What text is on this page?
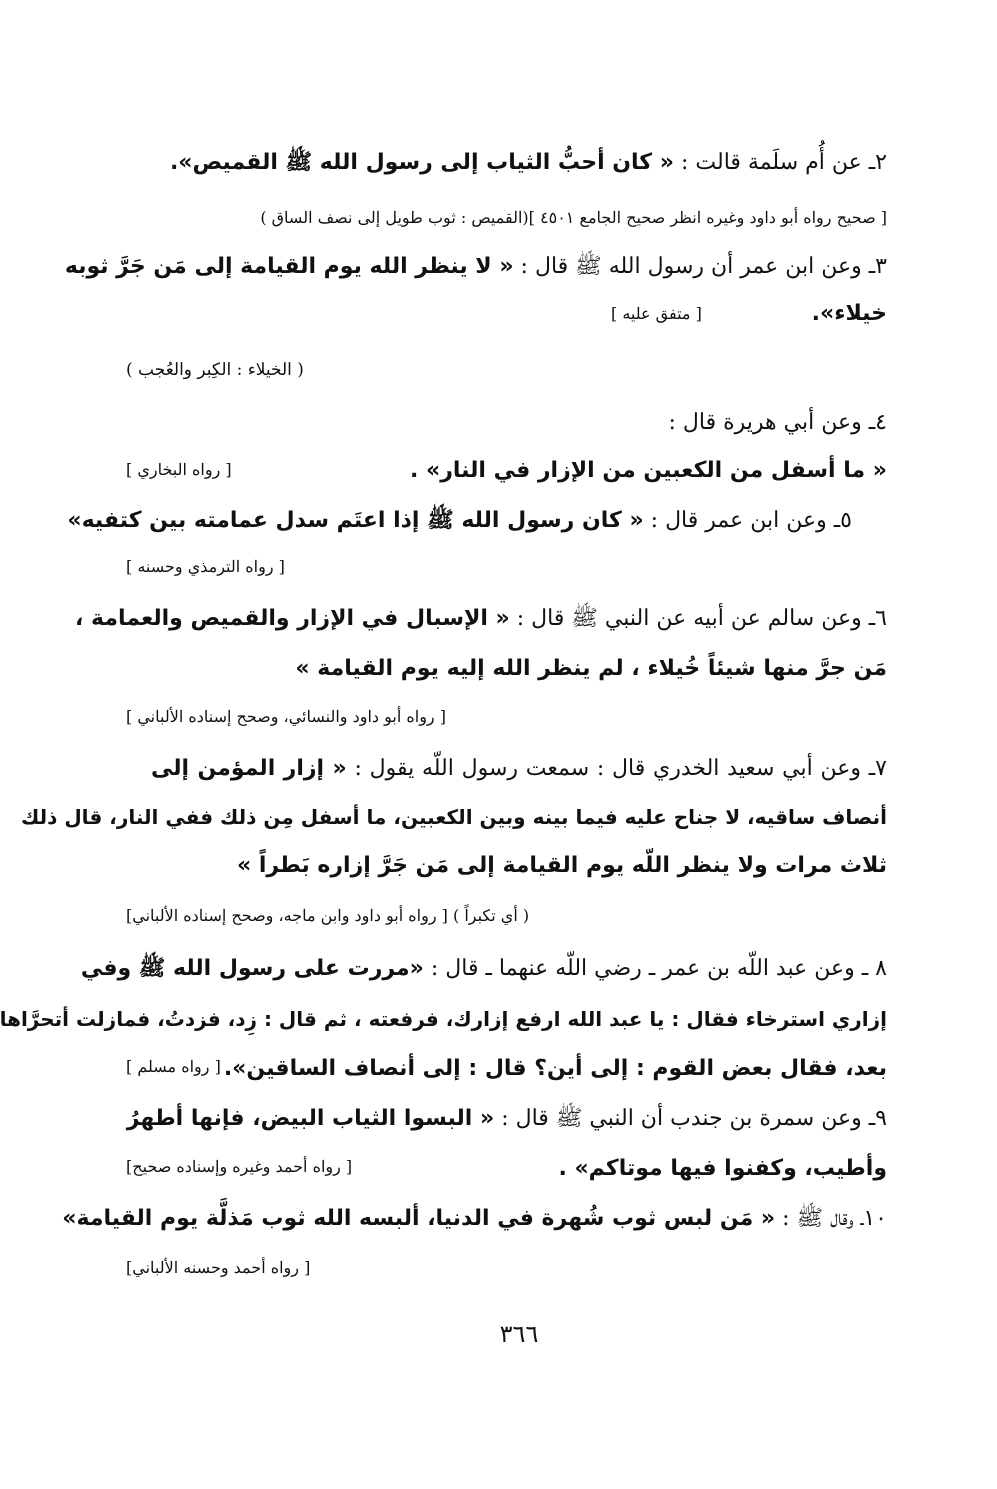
٢ـ عن أُم سلَمة قالت : « كان أحبُّ الثياب إلى رسول الله ﷺ القميص».
[ صحيح رواه أبو داود وغيره انظر صحيح الجامع ٤٥٠١ ](القميص : ثوب طويل إلى نصف الساق )
٣ـ وعن ابن عمر أن رسول الله ﷺ قال : « لا ينظر الله يوم القيامة إلى مَن جَرَّ ثوبه
خيلاء».
[ متفق عليه ]
( الخيلاء : الكِبر والعُجب )
٤ـ وعن أبي هريرة قال :
« ما أسفل من الكعبين من الإزار في النار» .
[ رواه البخاري ]
٥ـ وعن ابن عمر قال : « كان رسول الله ﷺ إذا اعتَم سدل عمامته بين كتفيه»
[ رواه الترمذي وحسنه ]
٦ـ وعن سالم عن أبيه عن النبي ﷺ قال : « الإسبال في الإزار والقميص والعمامة ،
مَن جرَّ منها شيئاً خُيلاء ، لم ينظر الله إليه يوم القيامة »
[ رواه أبو داود والنسائي، وصحح إسناده الألباني ]
٧ـ وعن أبي سعيد الخدري قال : سمعت رسول اللّه يقول : « إزار المؤمن إلى
أنصاف ساقيه، لا جناح عليه فيما بينه وبين الكعبين، ما أسفل مِن ذلك ففي النار، قال ذلك
ثلاث مرات ولا ينظر اللّه يوم القيامة إلى مَن جَرَّ إزاره بَطراً »
( أي تكبراً ) [ رواه أبو داود وابن ماجه، وصحح إسناده الألباني]
٨ ـ وعن عبد اللّه بن عمر ـ رضي اللّه عنهما ـ قال : «مررت على رسول الله ﷺ وفي
إزاري استرخاء فقال : يا عبد الله ارفع إزارك، فرفعته ، ثم قال : زِد، فزدتُ، فمازلت أتحرَّاها
بعد، فقال بعض القوم : إلى أين؟ قال : إلى أنصاف الساقين».
[ رواه مسلم ]
٩ـ وعن سمرة بن جندب أن النبي ﷺ قال : « البسوا الثياب البيض، فإنها أطهرُ
وأطيب، وكفنوا فيها موتاكم» .
[ رواه أحمد وغيره وإسناده صحيح]
١٠ـ وقال ﷺ : « مَن لبس ثوب شُهرة في الدنيا، ألبسه الله ثوب مَذلَّة يوم القيامة»
[ رواه أحمد وحسنه الألباني]
٣٦٦
